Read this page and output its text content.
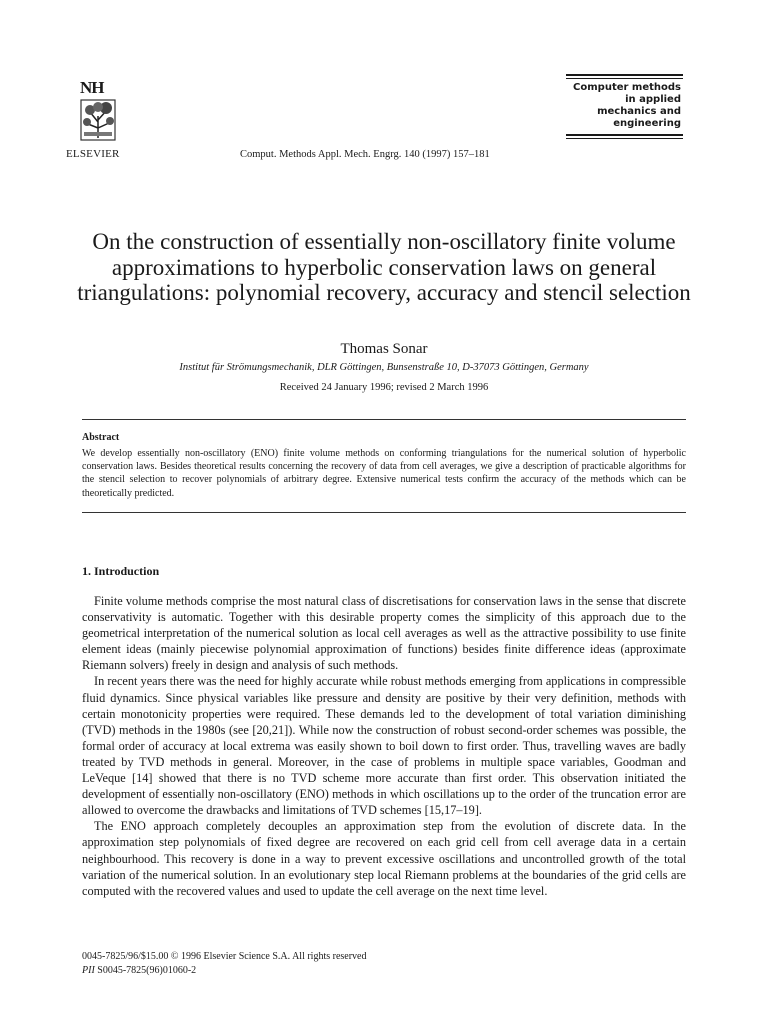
NH
ELSEVIER	Comput. Methods Appl. Mech. Engrg. 140 (1997) 157–181
Computer methods
in applied
mechanics and
engineering
On the construction of essentially non-oscillatory finite volume approximations to hyperbolic conservation laws on general triangulations: polynomial recovery, accuracy and stencil selection
Thomas Sonar
Institut für Strömungsmechanik, DLR Göttingen, Bunsenstraße 10, D-37073 Göttingen, Germany
Received 24 January 1996; revised 2 March 1996
Abstract
We develop essentially non-oscillatory (ENO) finite volume methods on conforming triangulations for the numerical solution of hyperbolic conservation laws. Besides theoretical results concerning the recovery of data from cell averages, we give a description of practicable algorithms for the stencil selection to recover polynomials of arbitrary degree. Extensive numerical tests confirm the accuracy of the methods which can be theoretically predicted.
1. Introduction

Finite volume methods comprise the most natural class of discretisations for conservation laws in the sense that discrete conservativity is automatic. Together with this desirable property comes the simplicity of this approach due to the geometrical interpretation of the numerical solution as local cell averages as well as the attractive possibility to use finite element ideas (mainly piecewise polynomial approximation of functions) besides finite difference ideas (approximate Riemann solvers) freely in design and analysis of such methods.

In recent years there was the need for highly accurate while robust methods emerging from applications in compressible fluid dynamics. Since physical variables like pressure and density are positive by their very definition, methods with certain monotonicity properties were required. These demands led to the development of total variation diminishing (TVD) methods in the 1980s (see [20,21]). While now the construction of robust second-order schemes was possible, the formal order of accuracy at local extrema was easily shown to boil down to first order. Thus, travelling waves are badly treated by TVD methods in general. Moreover, in the case of problems in multiple space variables, Goodman and LeVeque [14] showed that there is no TVD scheme more accurate than first order. This observation initiated the development of essentially non-oscillatory (ENO) methods in which oscillations up to the order of the truncation error are allowed to overcome the drawbacks and limitations of TVD schemes [15,17–19].

The ENO approach completely decouples an approximation step from the evolution of discrete data. In the approximation step polynomials of fixed degree are recovered on each grid cell from cell average data in a certain neighbourhood. This recovery is done in a way to prevent excessive oscillations and uncontrolled growth of the total variation of the numerical solution. In an evolutionary step local Riemann problems at the boundaries of the grid cells are computed with the recovered values and used to update the cell average on the next time level.

0045-7825/96/$15.00 © 1996 Elsevier Science S.A. All rights reserved
PII S0045-7825(96)01060-2
